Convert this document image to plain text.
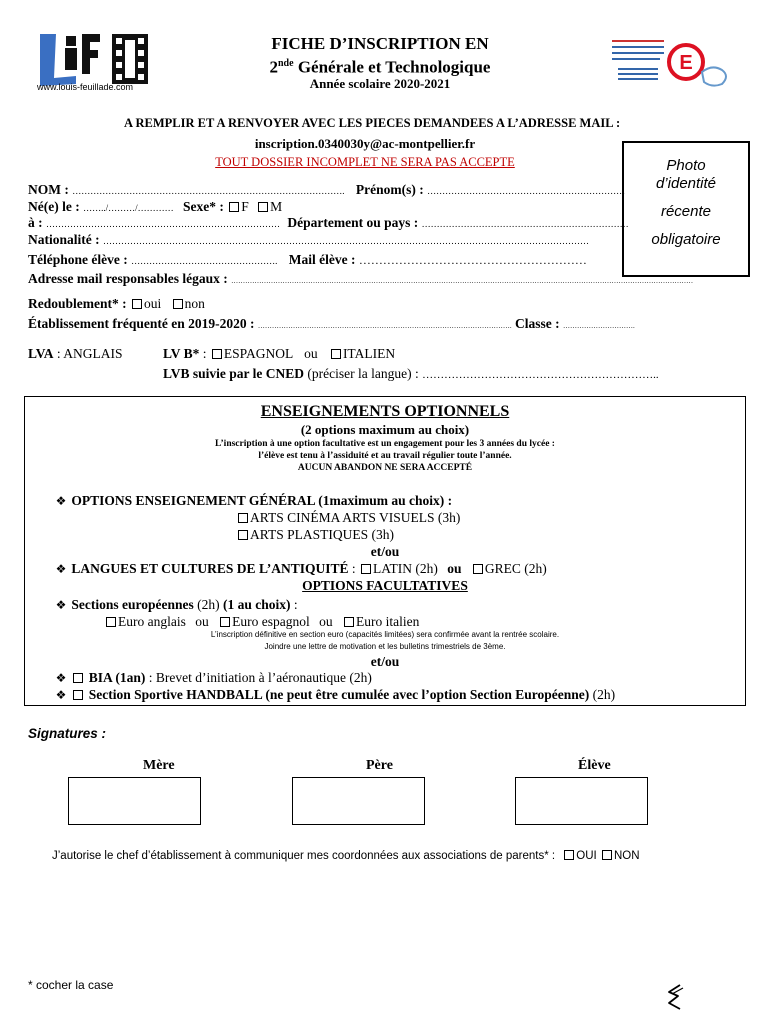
www.louis-feuillade.com
FICHE D’INSCRIPTION EN
2nde Générale et Technologique
Année scolaire 2020-2021
E
A REMPLIR ET A RENVOYER AVEC LES PIECES DEMANDEES A L’ADRESSE MAIL :
inscription.0340030y@ac-montpellier.fr
TOUT DOSSIER INCOMPLET NE SERA PAS ACCEPTE	Photo
d’identité
récente
obligatoire
NOM : ………………………………………………………………………………. Prénom(s) : …………………………………………………………
Né(e) le : ……../………/………… Sexe* : F M
à : …………………………………………………………………… Département ou pays : ……………………………………………………………
Nationalité : ………………………………………………………………………………………………………………………………………………
Téléphone élève : …………………………………………. Mail élève : …………………………………………………
Adresse mail responsables légaux : ………………………………………………………………………………………………………………………………………………………………………………
Redoublement* : oui non
Établissement fréquenté en 2019-2020 : ………………………………………………………………………………………………. Classe : ………………………….
LVA : ANGLAIS	LV B* : ESPAGNOL ou ITALIEN
LVB suivie par le CNED (préciser la langue) : ………………………………………………………..
ENSEIGNEMENTS OPTIONNELS
(2 options maximum au choix)
L’inscription à une option facultative est un engagement pour les 3 années du lycée :
l’élève est tenu à l’assiduité et au travail régulier toute l’année.
AUCUN ABANDON NE SERA ACCEPTÉ
❖ OPTIONS ENSEIGNEMENT GÉNÉRAL (1maximum au choix) :
ARTS CINÉMA ARTS VISUELS (3h)
ARTS PLASTIQUES (3h)
et/ou
❖ LANGUES ET CULTURES DE L’ANTIQUITÉ : LATIN (2h) ou GREC (2h)
OPTIONS FACULTATIVES
❖ Sections européennes (2h) (1 au choix) :
Euro anglais ou Euro espagnol ou Euro italien
L’inscription définitive en section euro (capacités limitées) sera confirmée avant la rentrée scolaire.
Joindre une lettre de motivation et les bulletins trimestriels de 3ème.
et/ou
❖ BIA (1an) : Brevet d’initiation à l’aéronautique (2h)
❖ Section Sportive HANDBALL (ne peut être cumulée avec l’option Section Européenne) (2h)
Signatures :
Mère	Père	Élève
J’autorise le chef d’établissement à communiquer mes coordonnées aux associations de parents* : OUI NON
* cocher la case
